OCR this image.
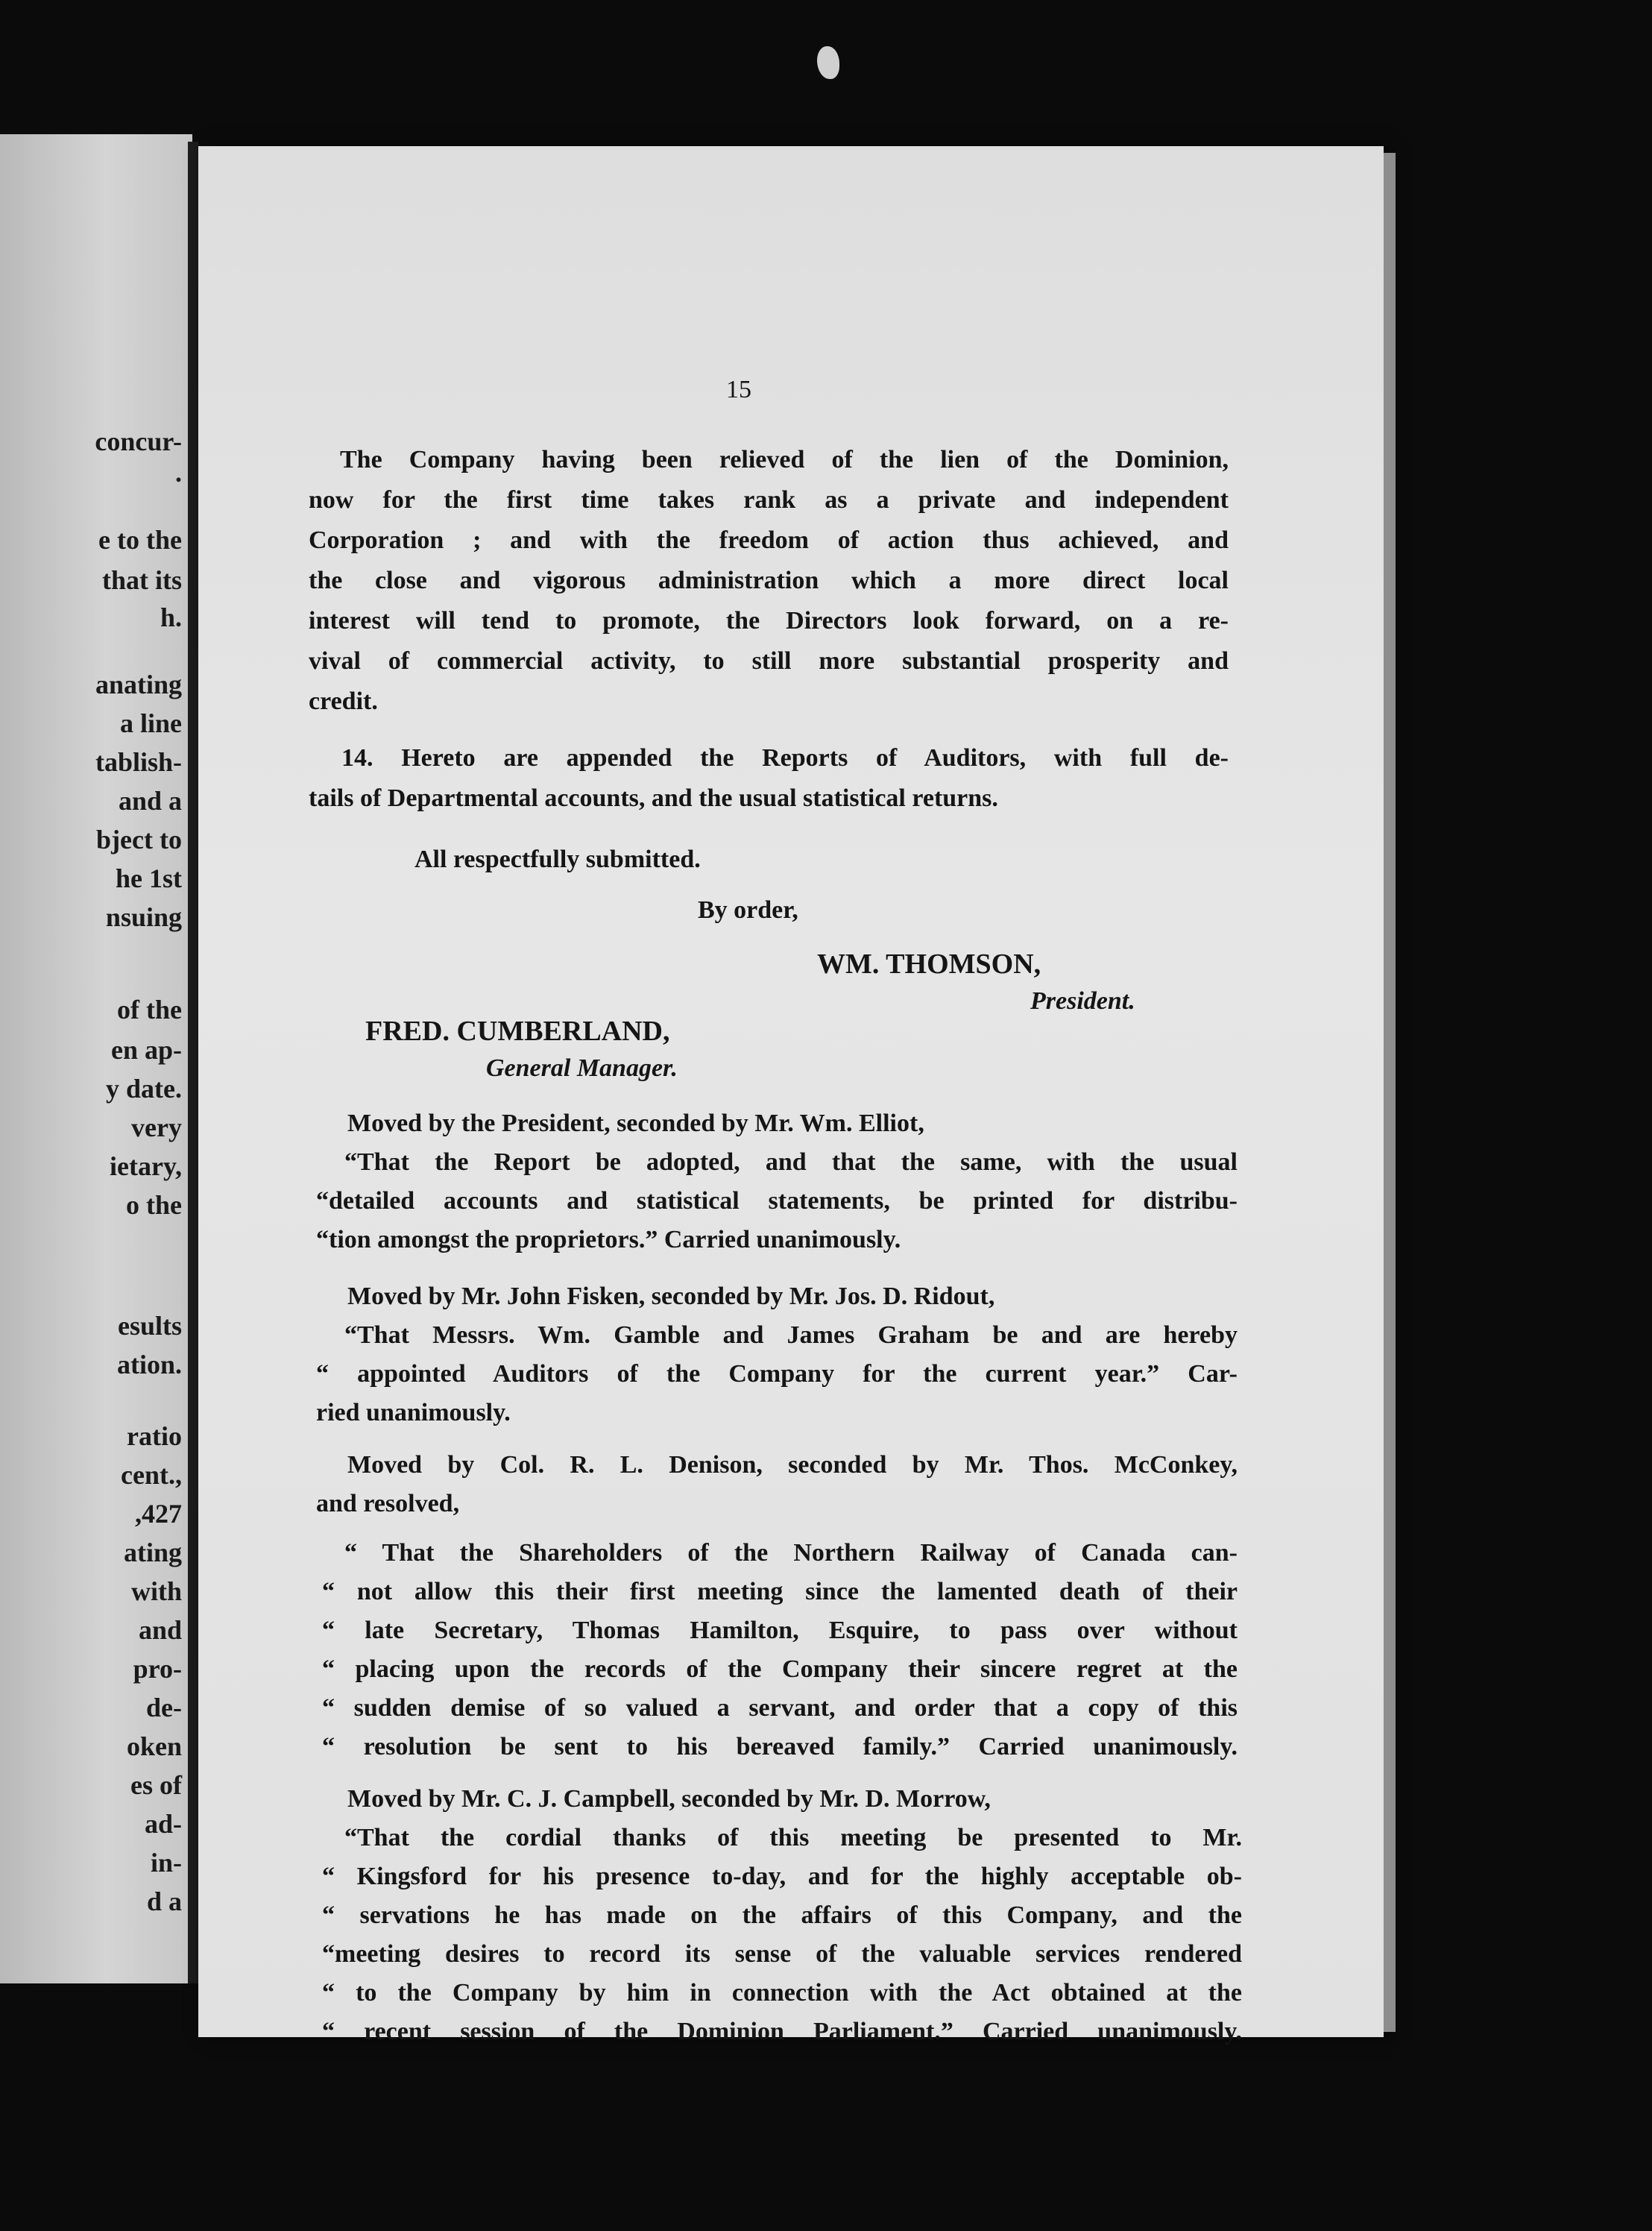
concur-
.
e to the
that its
h.
anating
a line
tablish-
and a
bject to
he 1st
nsuing
of the
en ap-
y date.
very
ietary,
o the
esults
ation.
ratio
cent.,
,427
ating
with
and
pro-
de-
oken
es of
ad-
in-
d a
15
The Company having been relieved of the lien of the Dominion,
now for the first time takes rank as a private and independent
Corporation ; and with the freedom of action thus achieved, and
the close and vigorous administration which a more direct local
interest will tend to promote, the Directors look forward, on a re-
vival of commercial activity, to still more substantial prosperity and
credit.
14. Hereto are appended the Reports of Auditors, with full de-
tails of Departmental accounts, and the usual statistical returns.
All respectfully submitted.
By order,
WM. THOMSON,
President.
FRED. CUMBERLAND,
General Manager.
Moved by the President, seconded by Mr. Wm. Elliot,
“That the Report be adopted, and that the same, with the usual
“detailed accounts and statistical statements, be printed for distribu-
“tion amongst the proprietors.” Carried unanimously.
Moved by Mr. John Fisken, seconded by Mr. Jos. D. Ridout,
“That Messrs. Wm. Gamble and James Graham be and are hereby
“ appointed Auditors of the Company for the current year.” Car-
ried unanimously.
Moved by Col. R. L. Denison, seconded by Mr. Thos. McConkey,
and resolved,
“ That the Shareholders of the Northern Railway of Canada can-
“ not allow this their first meeting since the lamented death of their
“ late Secretary, Thomas Hamilton, Esquire, to pass over without
“ placing upon the records of the Company their sincere regret at the
“ sudden demise of so valued a servant, and order that a copy of this
“ resolution be sent to his bereaved family.” Carried unanimously.
Moved by Mr. C. J. Campbell, seconded by Mr. D. Morrow,
“That the cordial thanks of this meeting be presented to Mr.
“ Kingsford for his presence to-day, and for the highly acceptable ob-
“ servations he has made on the affairs of this Company, and the
“meeting desires to record its sense of the valuable services rendered
“ to the Company by him in connection with the Act obtained at the
“ recent session of the Dominion Parliament.” Carried unanimously.
